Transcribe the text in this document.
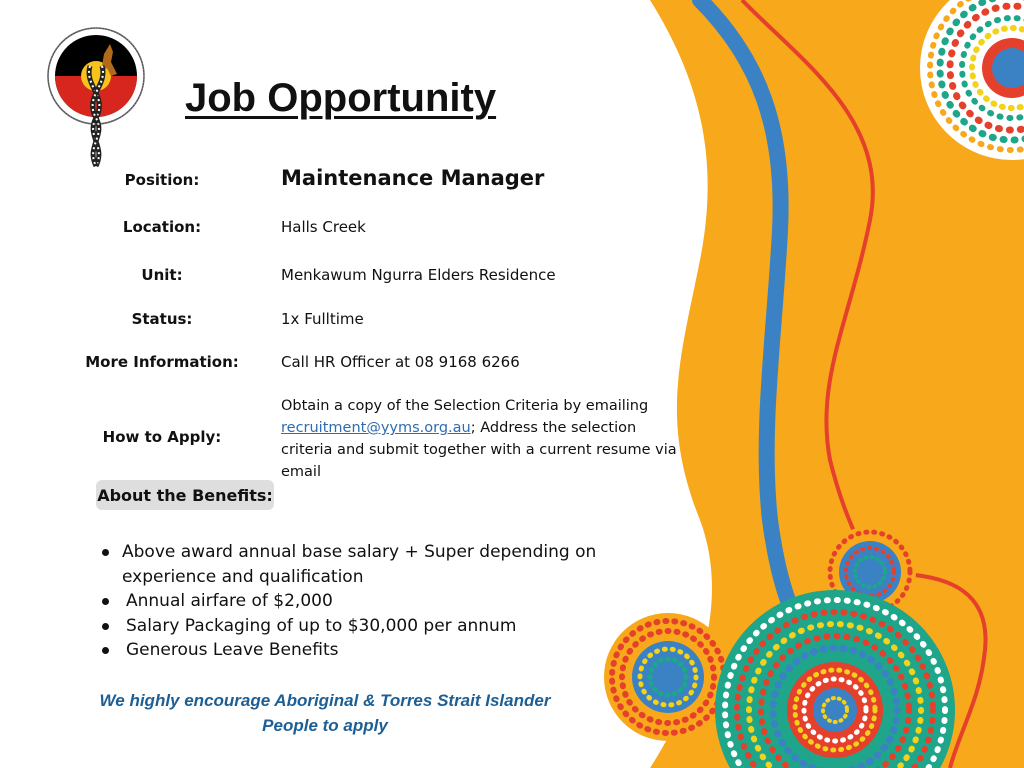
Job Opportunity
Position:	Maintenance Manager
Location:	Halls Creek
Unit:	Menkawum Ngurra Elders Residence
Status:	1x Fulltime
More Information:	Call HR Officer at 08 9168 6266
How to Apply:
Obtain a copy of the Selection Criteria by emailing recruitment@yyms.org.au; Address the selection criteria and submit together with a current resume via email
About the Benefits:
Above award annual base salary + Super depending on experience and qualification
Annual airfare of $2,000
Salary Packaging of up to $30,000 per annum
Generous Leave Benefits
We highly encourage Aboriginal & Torres Strait Islander
People to apply
